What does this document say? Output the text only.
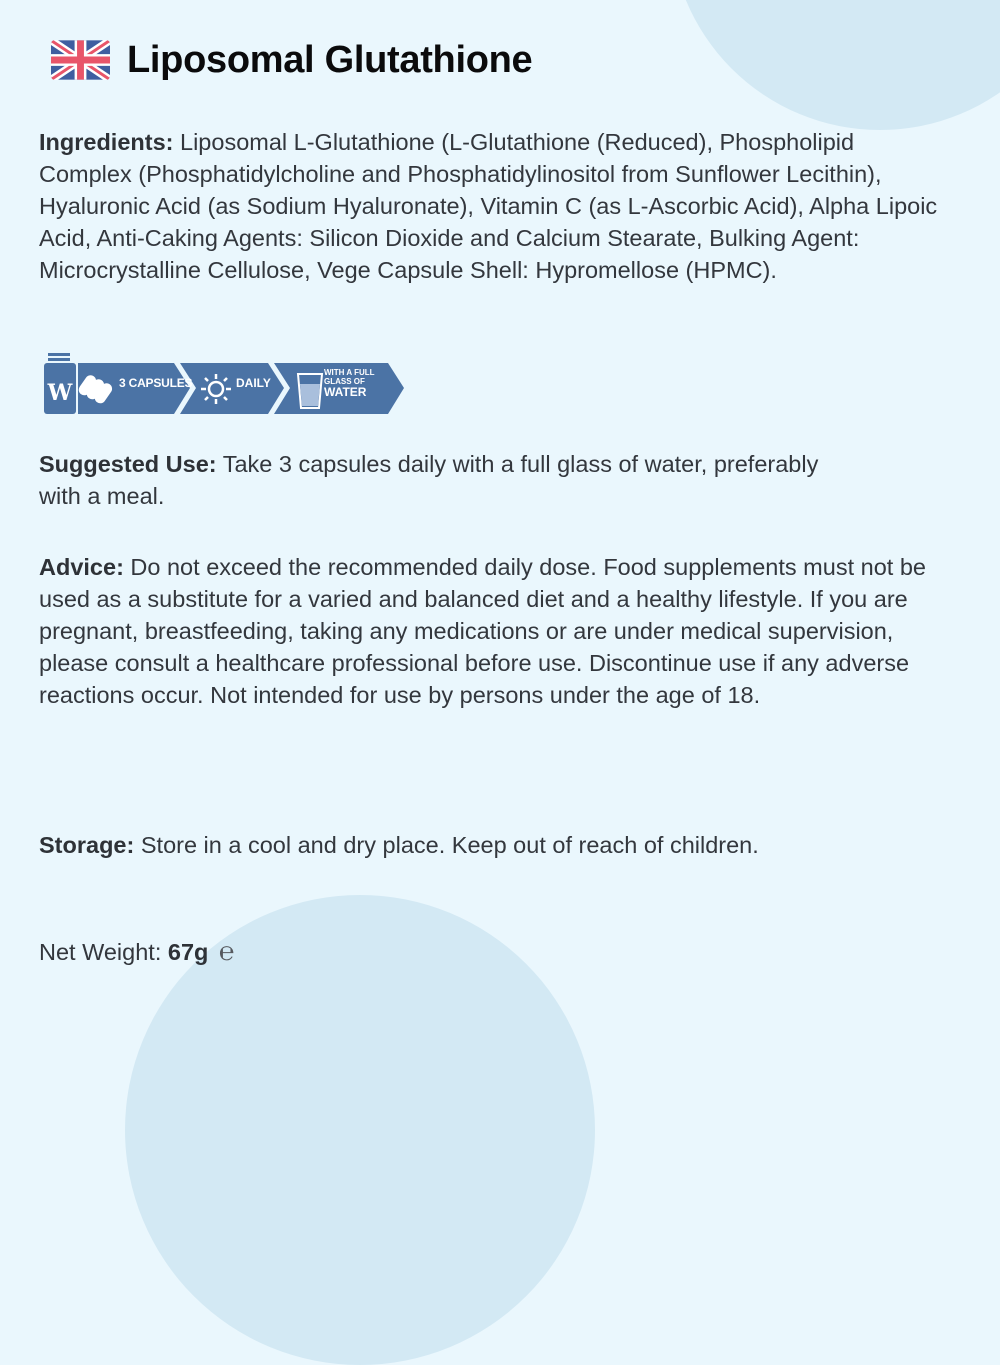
Liposomal Glutathione

Ingredients: Liposomal L-Glutathione (L-Glutathione (Reduced), Phospholipid Complex (Phosphatidylcholine and Phosphatidylinositol from Sunflower Lecithin), Hyaluronic Acid (as Sodium Hyaluronate), Vitamin C (as L-Ascorbic Acid), Alpha Lipoic Acid, Anti-Caking Agents: Silicon Dioxide and Calcium Stearate, Bulking Agent: Microcrystalline Cellulose, Vege Capsule Shell: Hypromellose (HPMC).

W	3 CAPSULES	DAILY
WITH A FULL GLASS OF
WATER

Suggested Use: Take 3 capsules daily with a full glass of water, preferably with a meal.

Advice: Do not exceed the recommended daily dose. Food supplements must not be used as a substitute for a varied and balanced diet and a healthy lifestyle. If you are pregnant, breastfeeding, taking any medications or are under medical supervision, please consult a healthcare professional before use. Discontinue use if any adverse reactions occur. Not intended for use by persons under the age of 18.

Storage: Store in a cool and dry place. Keep out of reach of children.

Net Weight: 67g ℮
